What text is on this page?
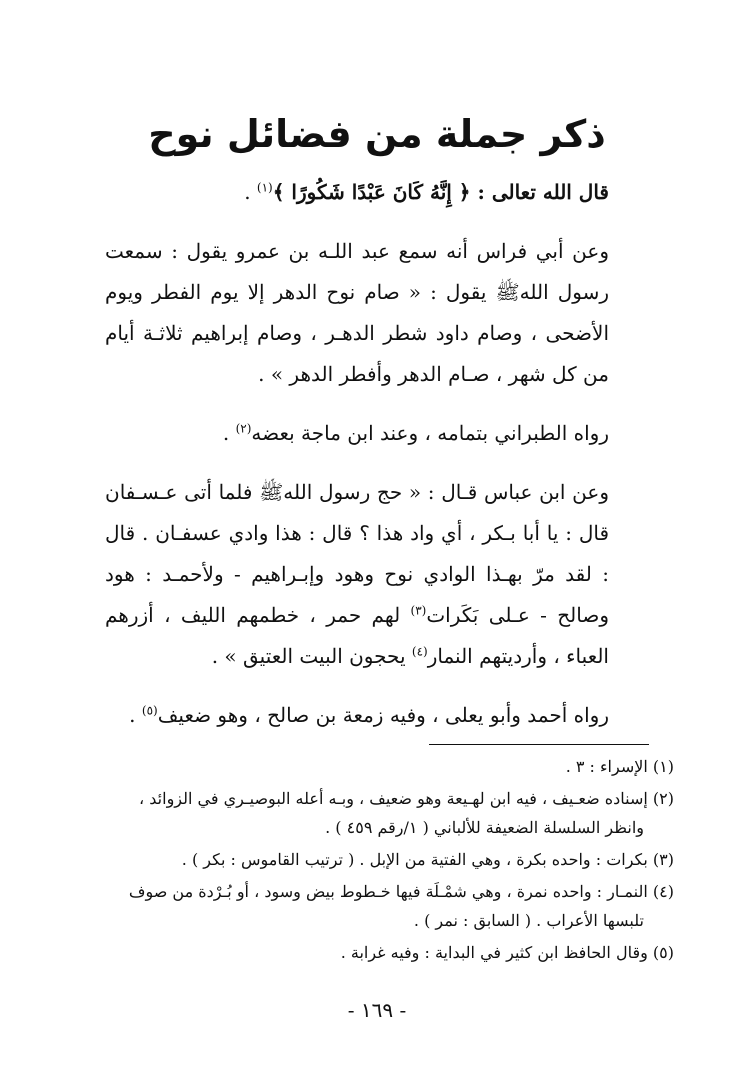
ذكر جملة من فضائل نوح

قال الله تعالى : ﴿ إِنَّهُ كَانَ عَبْدًا شَكُورًا ﴾$^{(١)}$ .

وعن أبي فراس أنه سمع عبد اللـه بن عمرو يقول : سمعت رسول اللهﷺ يقول : « صام نوح الدهر إلا يوم الفطر ويوم الأضحى ، وصام داود شطر الدهـر ، وصام إبراهيم ثلاثـة أيام من كل شهر ، صـام الدهر وأفطر الدهر » .

رواه الطبراني بتمامه ، وعند ابن ماجة بعضه$^{(٢)}$ .

وعن ابن عباس قـال : « حج رسول اللهﷺ فلما أتى عـسـفان قال : يا أبا بـكر ، أي واد هذا ؟ قال : هذا وادي عسفـان . قال : لقد مرّ بهـذا الوادي نوح وهود وإبـراهيم - ولأحمـد : هود وصالح - عـلى بَكَرات$^{(٣)}$ لهم حمر ، خطمهم الليف ، أزرهم العباء ، وأرديتهم النمار$^{(٤)}$ يحجون البيت العتيق » .

رواه أحمد وأبو يعلى ، وفيه زمعة بن صالح ، وهو ضعيف$^{(٥)}$ .

(١) الإسراء : ٣ .

(٢) إسناده ضعـيف ، فيه ابن لهـيعة وهو ضعيف ، وبـه أعله البوصيـري في الزوائد ،
وانظر السلسلة الضعيفة للألباني ( ١/رقم ٤٥٩ ) .

(٣) بكرات : واحده بكرة ، وهي الفتية من الإبل . ( ترتيب القاموس : بكر ) .

(٤) النمـار : واحده نمرة ، وهي شمْـلَة فيها خـطوط بيض وسود ، أو بُـرْدة من صوف
تلبسها الأعراب . ( السابق : نمر ) .

(٥) وقال الحافظ ابن كثير في البداية : وفيه غرابة .

- ١٦٩ -
